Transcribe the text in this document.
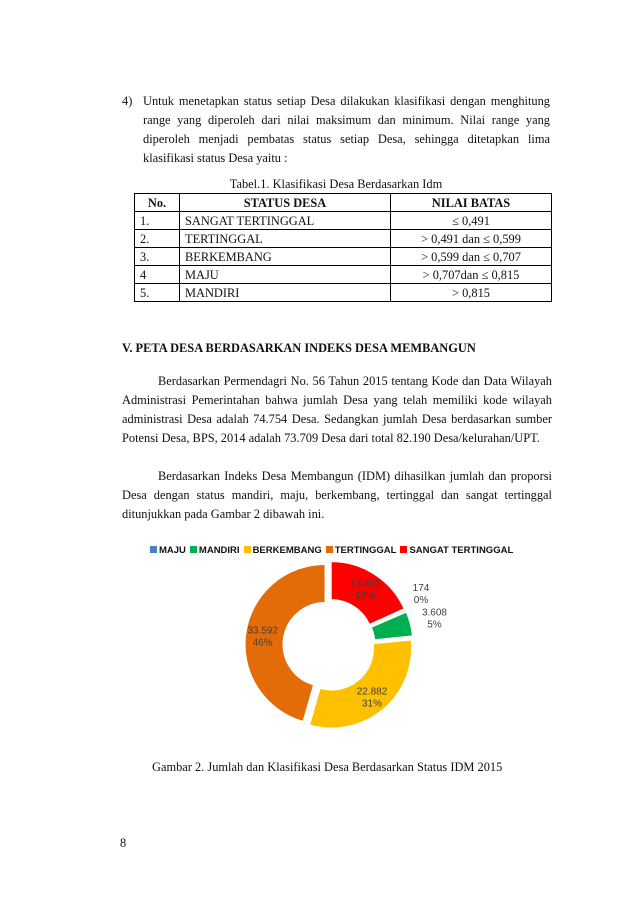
4) Untuk menetapkan status setiap Desa dilakukan klasifikasi dengan menghitung range yang diperoleh dari nilai maksimum dan minimum. Nilai range yang diperoleh menjadi pembatas status setiap Desa, sehingga ditetapkan lima klasifikasi status Desa yaitu :
Tabel.1. Klasifikasi Desa Berdasarkan Idm
No.	STATUS DESA	NILAI BATAS
1.	SANGAT TERTINGGAL	≤ 0,491
2.	TERTINGGAL	> 0,491 dan ≤ 0,599
3.	BERKEMBANG	> 0,599 dan ≤ 0,707
4	MAJU	> 0,707dan ≤ 0,815
5.	MANDIRI	> 0,815
V. PETA DESA BERDASARKAN INDEKS DESA MEMBANGUN
Berdasarkan Permendagri No. 56 Tahun 2015 tentang Kode dan Data Wilayah Administrasi Pemerintahan bahwa jumlah Desa yang telah memiliki kode wilayah administrasi Desa adalah 74.754 Desa. Sedangkan jumlah Desa berdasarkan sumber Potensi Desa, BPS, 2014 adalah 73.709 Desa dari total 82.190 Desa/kelurahan/UPT.
Berdasarkan Indeks Desa Membangun (IDM) dihasilkan jumlah dan proporsi Desa dengan status mandiri, maju, berkembang, tertinggal dan sangat tertinggal ditunjukkan pada Gambar 2 dibawah ini.
MAJU MANDIRI BERKEMBANG TERTINGGAL SANGAT TERTINGGAL
13.453
18%
174
0%
3.608
5%
22.882
31%
33.592
46%
Gambar 2. Jumlah dan Klasifikasi Desa Berdasarkan Status IDM 2015
8
